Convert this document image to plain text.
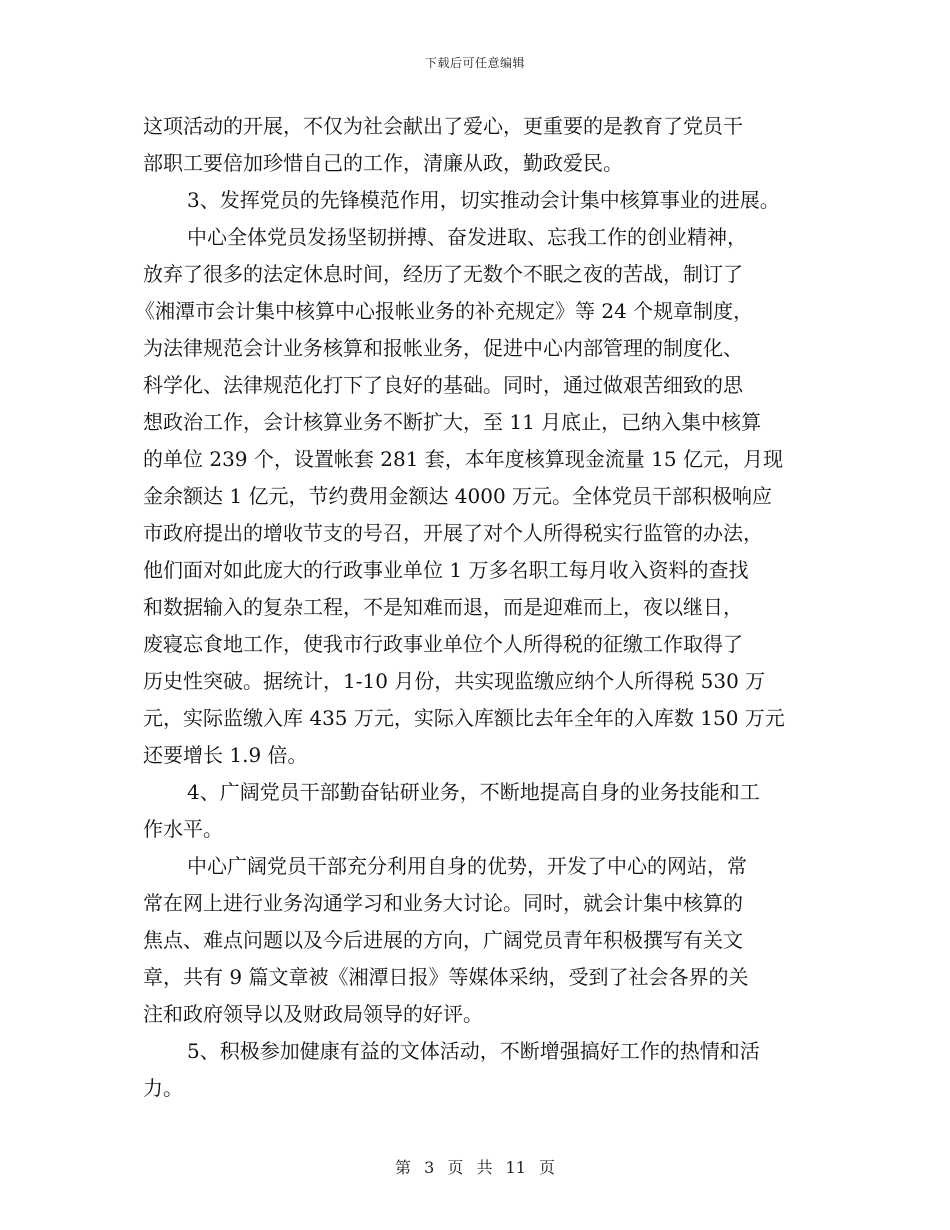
下载后可任意编辑
这项活动的开展，不仅为社会献出了爱心，更重要的是教育了党员干
部职工要倍加珍惜自己的工作，清廉从政，勤政爱民。
3、发挥党员的先锋模范作用，切实推动会计集中核算事业的进展。
中心全体党员发扬坚韧拼搏、奋发进取、忘我工作的创业精神，
放弃了很多的法定休息时间，经历了无数个不眠之夜的苦战，制订了
《湘潭市会计集中核算中心报帐业务的补充规定》等 24 个规章制度，
为法律规范会计业务核算和报帐业务，促进中心内部管理的制度化、
科学化、法律规范化打下了良好的基础。同时，通过做艰苦细致的思
想政治工作，会计核算业务不断扩大，至 11 月底止，已纳入集中核算
的单位 239 个，设置帐套 281 套，本年度核算现金流量 15 亿元，月现
金余额达 1 亿元，节约费用金额达 4000 万元。全体党员干部积极响应
市政府提出的增收节支的号召，开展了对个人所得税实行监管的办法，
他们面对如此庞大的行政事业单位 1 万多名职工每月收入资料的查找
和数据输入的复杂工程，不是知难而退，而是迎难而上，夜以继日，
废寝忘食地工作，使我市行政事业单位个人所得税的征缴工作取得了
历史性突破。据统计，1-10 月份，共实现监缴应纳个人所得税 530 万
元，实际监缴入库 435 万元，实际入库额比去年全年的入库数 150 万元
还要增长 1.9 倍。
4、广阔党员干部勤奋钻研业务，不断地提高自身的业务技能和工
作水平。
中心广阔党员干部充分利用自身的优势，开发了中心的网站，常
常在网上进行业务沟通学习和业务大讨论。同时，就会计集中核算的
焦点、难点问题以及今后进展的方向，广阔党员青年积极撰写有关文
章，共有 9 篇文章被《湘潭日报》等媒体采纳，受到了社会各界的关
注和政府领导以及财政局领导的好评。
5、积极参加健康有益的文体活动，不断增强搞好工作的热情和活
力。
第 3 页 共 11 页
